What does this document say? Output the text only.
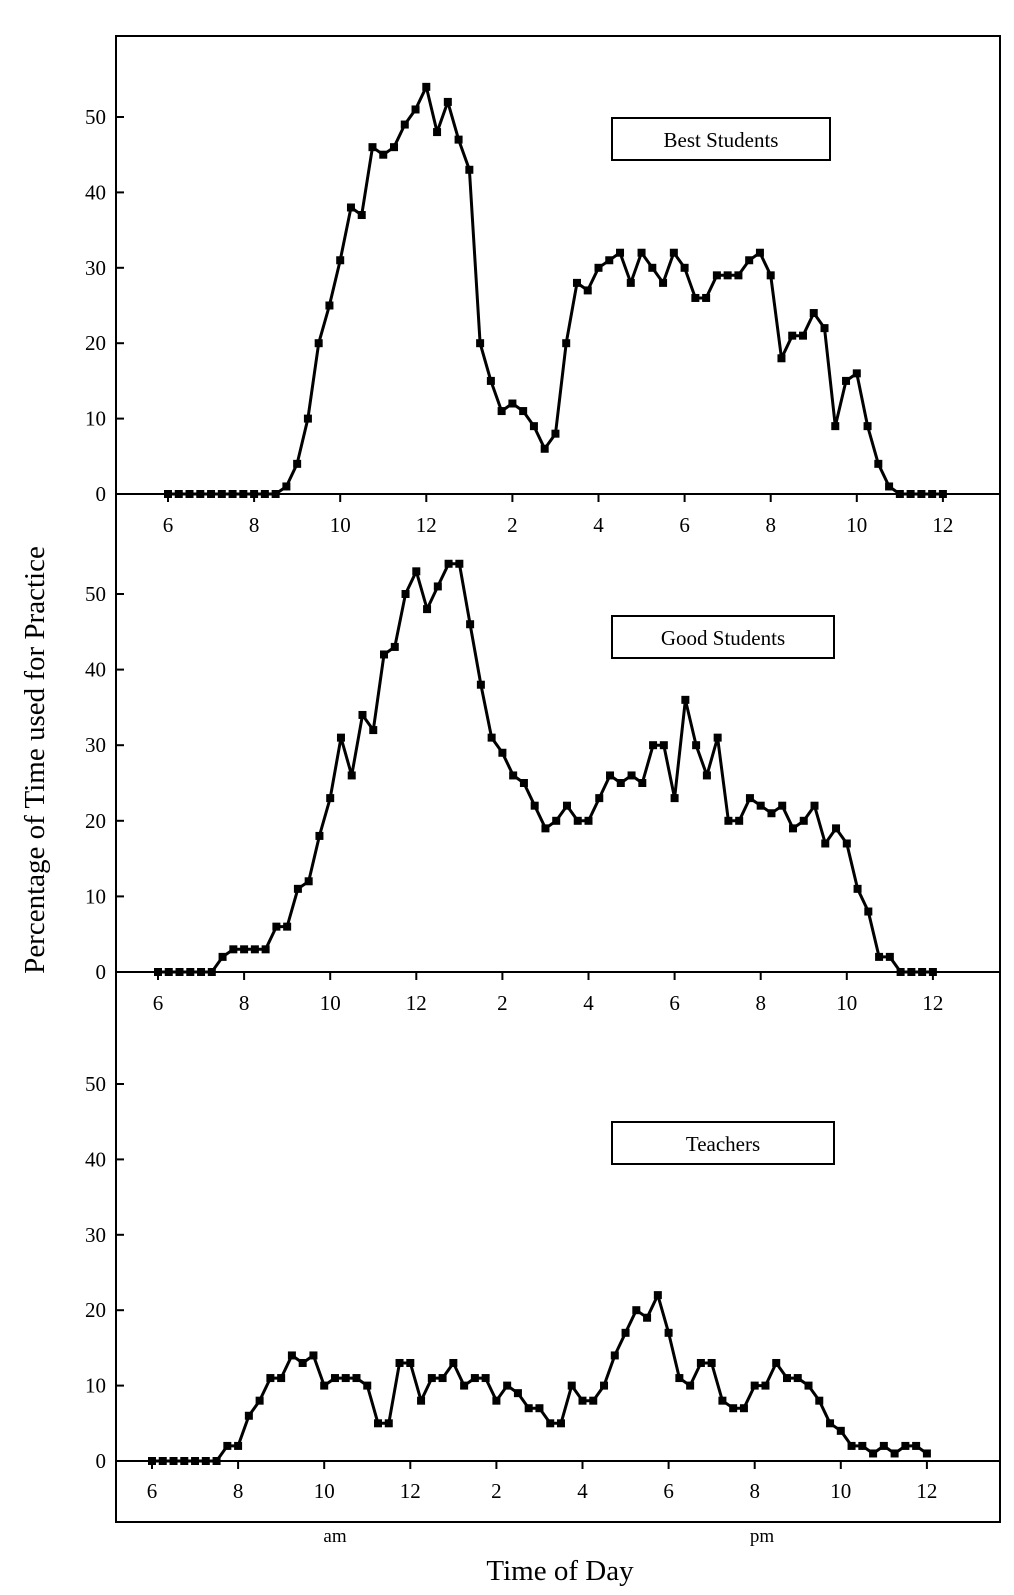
0
10
20
30
40
50
6	8	10	12	2	4	6	8	10	12
Best Students
0
10
20
30
40
50
6	8	10	12	2	4	6	8	10	12
Good Students
0
10
20
30
40
50
6	8	10	12	2	4	6	8	10	12
Teachers
Percentage of Time used for Practice
am	pm
Time of Day
